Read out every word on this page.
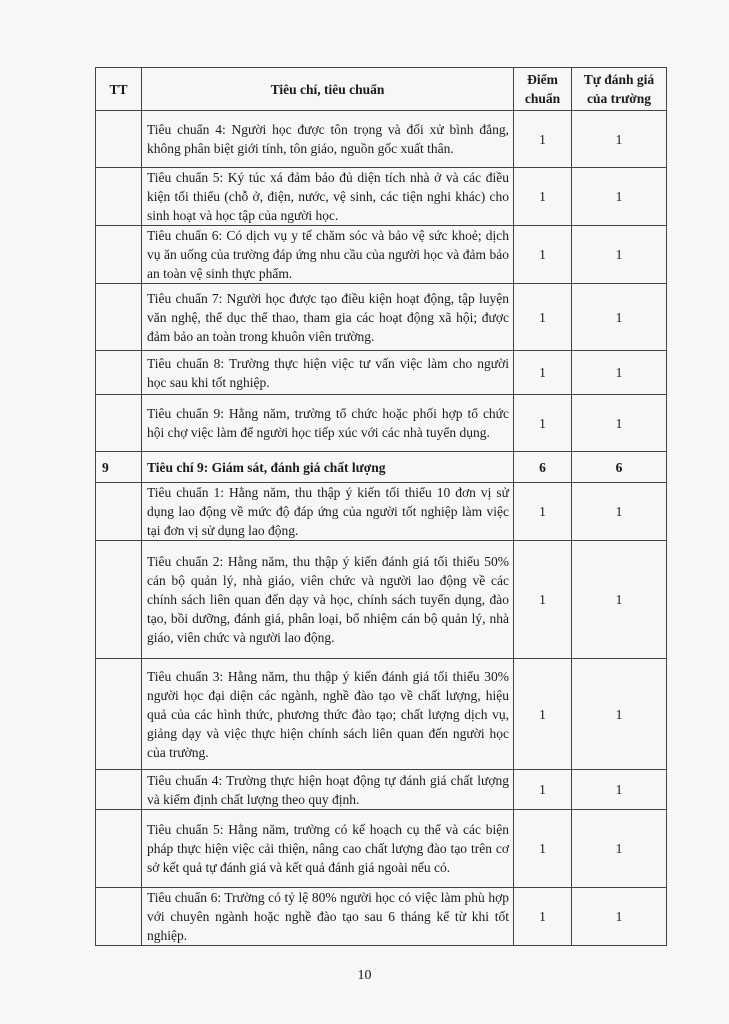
TT	Tiêu chí, tiêu chuẩn	Điểm chuẩn	Tự đánh giá của trường
	Tiêu chuẩn 4: Người học được tôn trọng và đối xử bình đẳng, không phân biệt giới tính, tôn giáo, nguồn gốc xuất thân.	1	1
	Tiêu chuẩn 5: Ký túc xá đảm bảo đủ diện tích nhà ở và các điều kiện tối thiểu (chỗ ở, điện, nước, vệ sinh, các tiện nghi khác) cho sinh hoạt và học tập của người học.	1	1
	Tiêu chuẩn 6: Có dịch vụ y tế chăm sóc và bảo vệ sức khoẻ; dịch vụ ăn uống của trường đáp ứng nhu cầu của người học và đảm bảo an toàn vệ sinh thực phẩm.	1	1
	Tiêu chuẩn 7: Người học được tạo điều kiện hoạt động, tập luyện văn nghệ, thể dục thể thao, tham gia các hoạt động xã hội; được đảm bảo an toàn trong khuôn viên trường.	1	1
	Tiêu chuẩn 8: Trường thực hiện việc tư vấn việc làm cho người học sau khi tốt nghiệp.	1	1
	Tiêu chuẩn 9: Hằng năm, trường tổ chức hoặc phối hợp tổ chức hội chợ việc làm để người học tiếp xúc với các nhà tuyển dụng.	1	1
9	Tiêu chí 9: Giám sát, đánh giá chất lượng	6	6
	Tiêu chuẩn 1: Hằng năm, thu thập ý kiến tối thiểu 10 đơn vị sử dụng lao động về mức độ đáp ứng của người tốt nghiệp làm việc tại đơn vị sử dụng lao động.	1	1
	Tiêu chuẩn 2: Hằng năm, thu thập ý kiến đánh giá tối thiểu 50% cán bộ quản lý, nhà giáo, viên chức và người lao động về các chính sách liên quan đến dạy và học, chính sách tuyển dụng, đào tạo, bồi dưỡng, đánh giá, phân loại, bổ nhiệm cán bộ quản lý, nhà giáo, viên chức và người lao động.	1	1
	Tiêu chuẩn 3: Hằng năm, thu thập ý kiến đánh giá tối thiểu 30% người học đại diện các ngành, nghề đào tạo về chất lượng, hiệu quả của các hình thức, phương thức đào tạo; chất lượng dịch vụ, giảng dạy và việc thực hiện chính sách liên quan đến người học của trường.	1	1
	Tiêu chuẩn 4: Trường thực hiện hoạt động tự đánh giá chất lượng và kiểm định chất lượng theo quy định.	1	1
	Tiêu chuẩn 5: Hằng năm, trường có kế hoạch cụ thể và các biện pháp thực hiện việc cải thiện, nâng cao chất lượng đào tạo trên cơ sở kết quả tự đánh giá và kết quả đánh giá ngoài nếu có.	1	1
	Tiêu chuẩn 6: Trường có tỷ lệ 80% người học có việc làm phù hợp với chuyên ngành hoặc nghề đào tạo sau 6 tháng kể từ khi tốt nghiệp.	1	1
10
